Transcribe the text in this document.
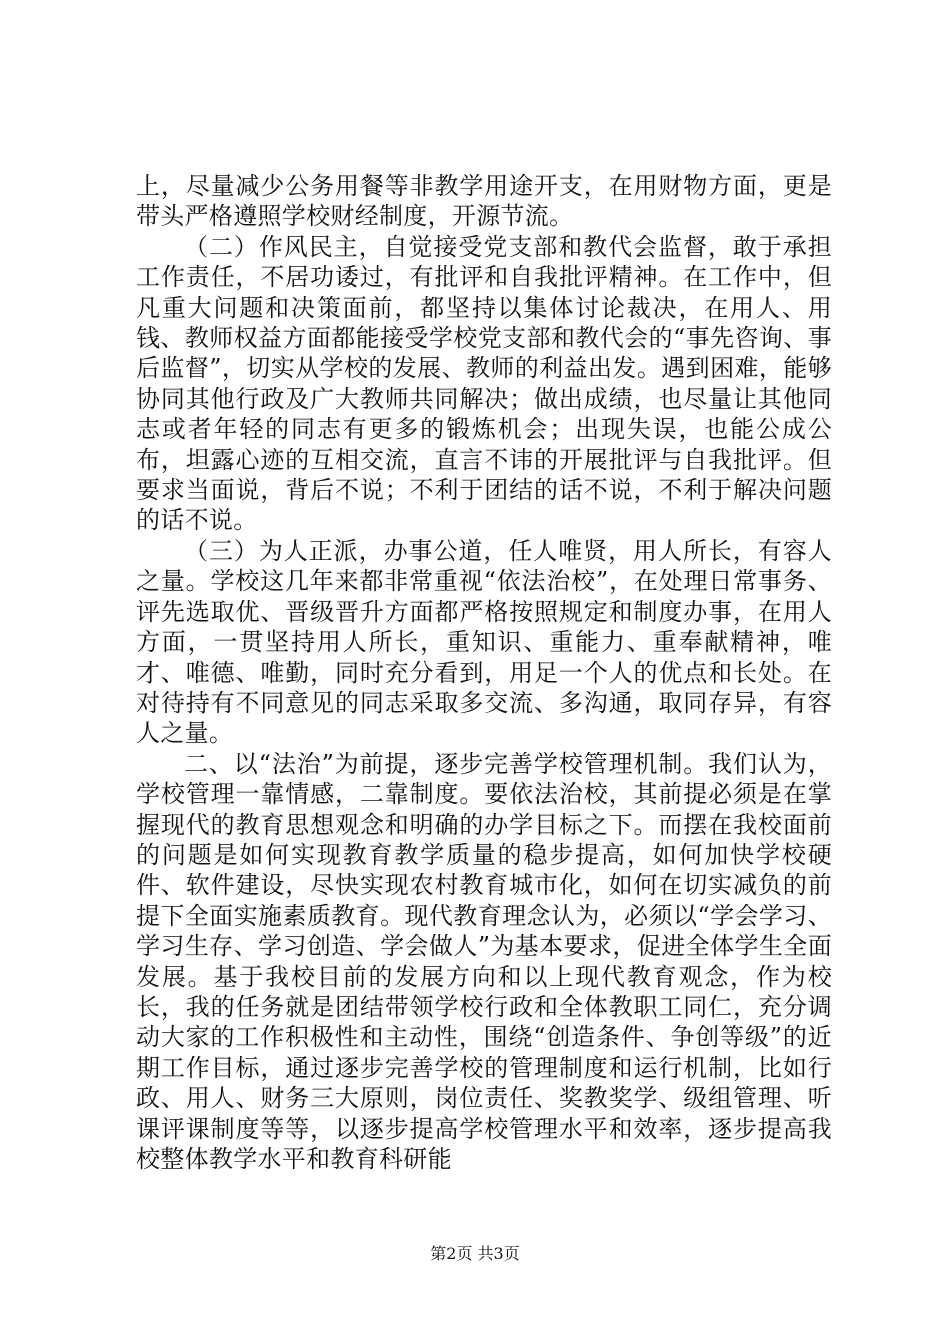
上，尽量减少公务用餐等非教学用途开支，在用财物方面，更是带头严格遵照学校财经制度，开源节流。

（二）作风民主，自觉接受党支部和教代会监督，敢于承担工作责任，不居功诿过，有批评和自我批评精神。在工作中，但凡重大问题和决策面前，都坚持以集体讨论裁决，在用人、用钱、教师权益方面都能接受学校党支部和教代会的“事先咨询、事后监督”，切实从学校的发展、教师的利益出发。遇到困难，能够协同其他行政及广大教师共同解决；做出成绩，也尽量让其他同志或者年轻的同志有更多的锻炼机会；出现失误，也能公成公布，坦露心迹的互相交流，直言不讳的开展批评与自我批评。但要求当面说，背后不说；不利于团结的话不说，不利于解决问题的话不说。

（三）为人正派，办事公道，任人唯贤，用人所长，有容人之量。学校这几年来都非常重视“依法治校”，在处理日常事务、评先选取优、晋级晋升方面都严格按照规定和制度办事，在用人方面，一贯坚持用人所长，重知识、重能力、重奉献精神，唯才、唯德、唯勤，同时充分看到，用足一个人的优点和长处。在对待持有不同意见的同志采取多交流、多沟通，取同存异，有容人之量。

二、以“法治”为前提，逐步完善学校管理机制。我们认为，学校管理一靠情感，二靠制度。要依法治校，其前提必须是在掌握现代的教育思想观念和明确的办学目标之下。而摆在我校面前的问题是如何实现教育教学质量的稳步提高，如何加快学校硬件、软件建设，尽快实现农村教育城市化，如何在切实减负的前提下全面实施素质教育。现代教育理念认为，必须以“学会学习、学习生存、学习创造、学会做人”为基本要求，促进全体学生全面发展。基于我校目前的发展方向和以上现代教育观念，作为校长，我的任务就是团结带领学校行政和全体教职工同仁，充分调动大家的工作积极性和主动性，围绕“创造条件、争创等级”的近期工作目标，通过逐步完善学校的管理制度和运行机制，比如行政、用人、财务三大原则，岗位责任、奖教奖学、级组管理、听课评课制度等等，以逐步提高学校管理水平和效率，逐步提高我校整体教学水平和教育科研能

第2页 共3页
